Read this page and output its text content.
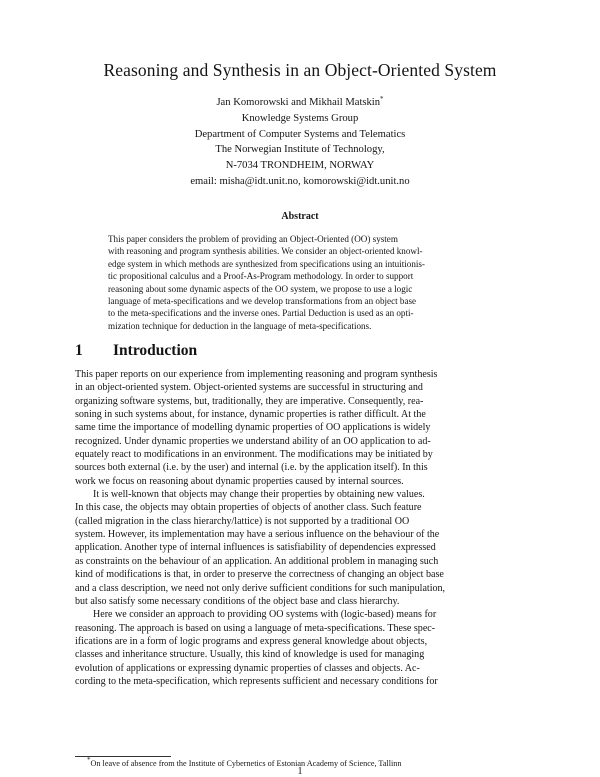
Reasoning and Synthesis in an Object-Oriented System
Jan Komorowski and Mikhail Matskin*
Knowledge Systems Group
Department of Computer Systems and Telematics
The Norwegian Institute of Technology,
N-7034 TRONDHEIM, NORWAY
email: misha@idt.unit.no, komorowski@idt.unit.no
Abstract
This paper considers the problem of providing an Object-Oriented (OO) system
with reasoning and program synthesis abilities. We consider an object-oriented knowl-
edge system in which methods are synthesized from specifications using an intuitionis-
tic propositional calculus and a Proof-As-Program methodology. In order to support
reasoning about some dynamic aspects of the OO system, we propose to use a logic
language of meta-specifications and we develop transformations from an object base
to the meta-specifications and the inverse ones. Partial Deduction is used as an opti-
mization technique for deduction in the language of meta-specifications.
1 Introduction
This paper reports on our experience from implementing reasoning and program synthesis
in an object-oriented system. Object-oriented systems are successful in structuring and
organizing software systems, but, traditionally, they are imperative. Consequently, rea-
soning in such systems about, for instance, dynamic properties is rather difficult. At the
same time the importance of modelling dynamic properties of OO applications is widely
recognized. Under dynamic properties we understand ability of an OO application to ad-
equately react to modifications in an environment. The modifications may be initiated by
sources both external (i.e. by the user) and internal (i.e. by the application itself). In this
work we focus on reasoning about dynamic properties caused by internal sources.
It is well-known that objects may change their properties by obtaining new values.
In this case, the objects may obtain properties of objects of another class. Such feature
(called migration in the class hierarchy/lattice) is not supported by a traditional OO
system. However, its implementation may have a serious influence on the behaviour of the
application. Another type of internal influences is satisfiability of dependencies expressed
as constraints on the behaviour of an application. An additional problem in managing such
kind of modifications is that, in order to preserve the correctness of changing an object base
and a class description, we need not only derive sufficient conditions for such manipulation,
but also satisfy some necessary conditions of the object base and class hierarchy.
Here we consider an approach to providing OO systems with (logic-based) means for
reasoning. The approach is based on using a language of meta-specifications. These spec-
ifications are in a form of logic programs and express general knowledge about objects,
classes and inheritance structure. Usually, this kind of knowledge is used for managing
evolution of applications or expressing dynamic properties of classes and objects. Ac-
cording to the meta-specification, which represents sufficient and necessary conditions for
*On leave of absence from the Institute of Cybernetics of Estonian Academy of Science, Tallinn
1
